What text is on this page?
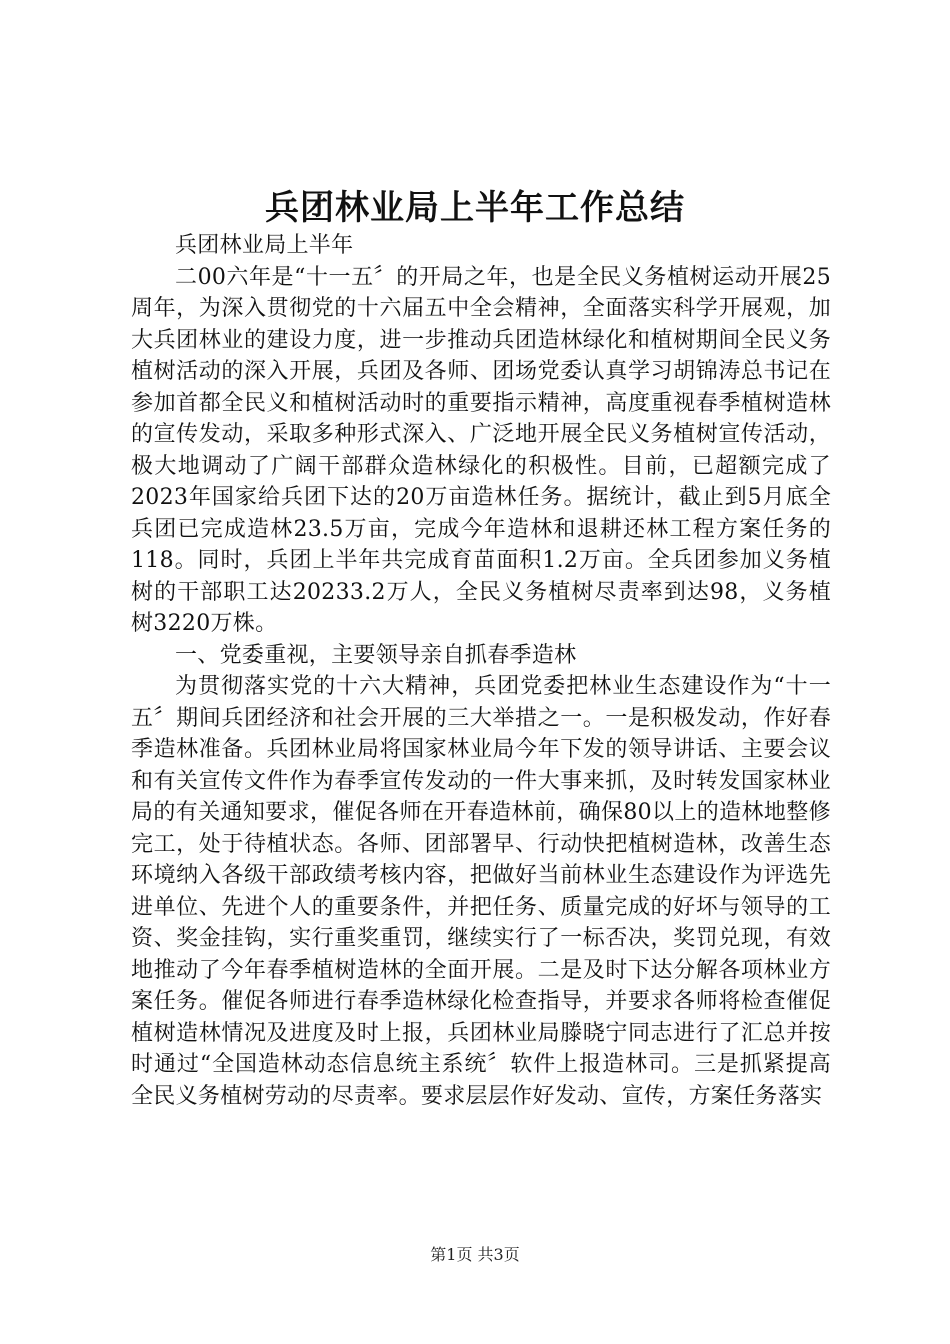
兵团林业局上半年工作总结

兵团林业局上半年

二00六年是“十一五〞的开局之年，也是全民义务植树运动开展25周年，为深入贯彻党的十六届五中全会精神，全面落实科学开展观，加大兵团林业的建设力度，进一步推动兵团造林绿化和植树期间全民义务植树活动的深入开展，兵团及各师、团场党委认真学习胡锦涛总书记在参加首都全民义和植树活动时的重要指示精神，高度重视春季植树造林的宣传发动，采取多种形式深入、广泛地开展全民义务植树宣传活动，极大地调动了广阔干部群众造林绿化的积极性。目前，已超额完成了2023年国家给兵团下达的20万亩造林任务。据统计，截止到5月底全兵团已完成造林23.5万亩，完成今年造林和退耕还林工程方案任务的118。同时，兵团上半年共完成育苗面积1.2万亩。全兵团参加义务植树的干部职工达20233.2万人，全民义务植树尽责率到达98，义务植树3220万株。

一、党委重视，主要领导亲自抓春季造林

为贯彻落实党的十六大精神，兵团党委把林业生态建设作为“十一五〞期间兵团经济和社会开展的三大举措之一。一是积极发动，作好春季造林准备。兵团林业局将国家林业局今年下发的领导讲话、主要会议和有关宣传文件作为春季宣传发动的一件大事来抓，及时转发国家林业局的有关通知要求，催促各师在开春造林前，确保80以上的造林地整修完工，处于待植状态。各师、团部署早、行动快把植树造林，改善生态环境纳入各级干部政绩考核内容，把做好当前林业生态建设作为评选先进单位、先进个人的重要条件，并把任务、质量完成的好坏与领导的工资、奖金挂钩，实行重奖重罚，继续实行了一标否决，奖罚兑现，有效地推动了今年春季植树造林的全面开展。二是及时下达分解各项林业方案任务。催促各师进行春季造林绿化检查指导，并要求各师将检查催促植树造林情况及进度及时上报，兵团林业局滕晓宁同志进行了汇总并按时通过“全国造林动态信息统主系统〞软件上报造林司。三是抓紧提高全民义务植树劳动的尽责率。要求层层作好发动、宣传，方案任务落实

第1页 共3页
